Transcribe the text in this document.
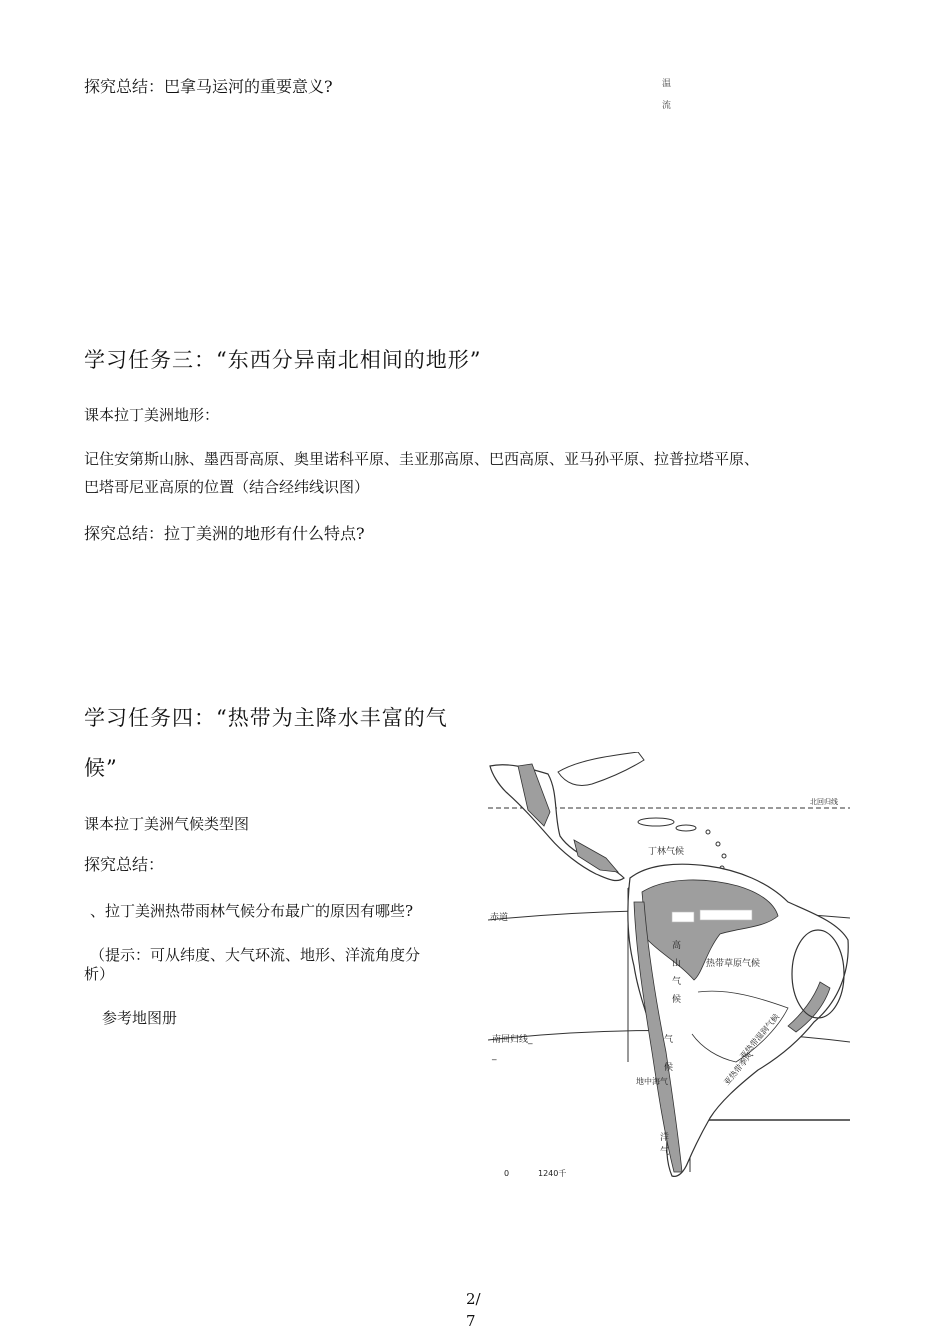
探究总结：巴拿马运河的重要意义?	温
流
学习任务三：“东西分异南北相间的地形”
课本拉丁美洲地形：
记住安第斯山脉、墨西哥高原、奥里诺科平原、圭亚那高原、巴西高原、亚马孙平原、拉普拉塔平原、
巴塔哥尼亚高原的位置（结合经纬线识图）
探究总结：拉丁美洲的地形有什么特点?
学习任务四：“热带为主降水丰富的气
候”
课本拉丁美洲气候类型图
探究总结：
、拉丁美洲热带雨林气候分布最广的原因有哪些?
（提示：可从纬度、大气环流、地形、洋流角度分
析）
参考地图册
赤道
南回归线_
_
北回归线
丁林气候
热带草原气候
高
山
气
候
气
候
地中海气
洋
气
亚热带湿润气候
亚热带季风
0	1240千
2/
7
